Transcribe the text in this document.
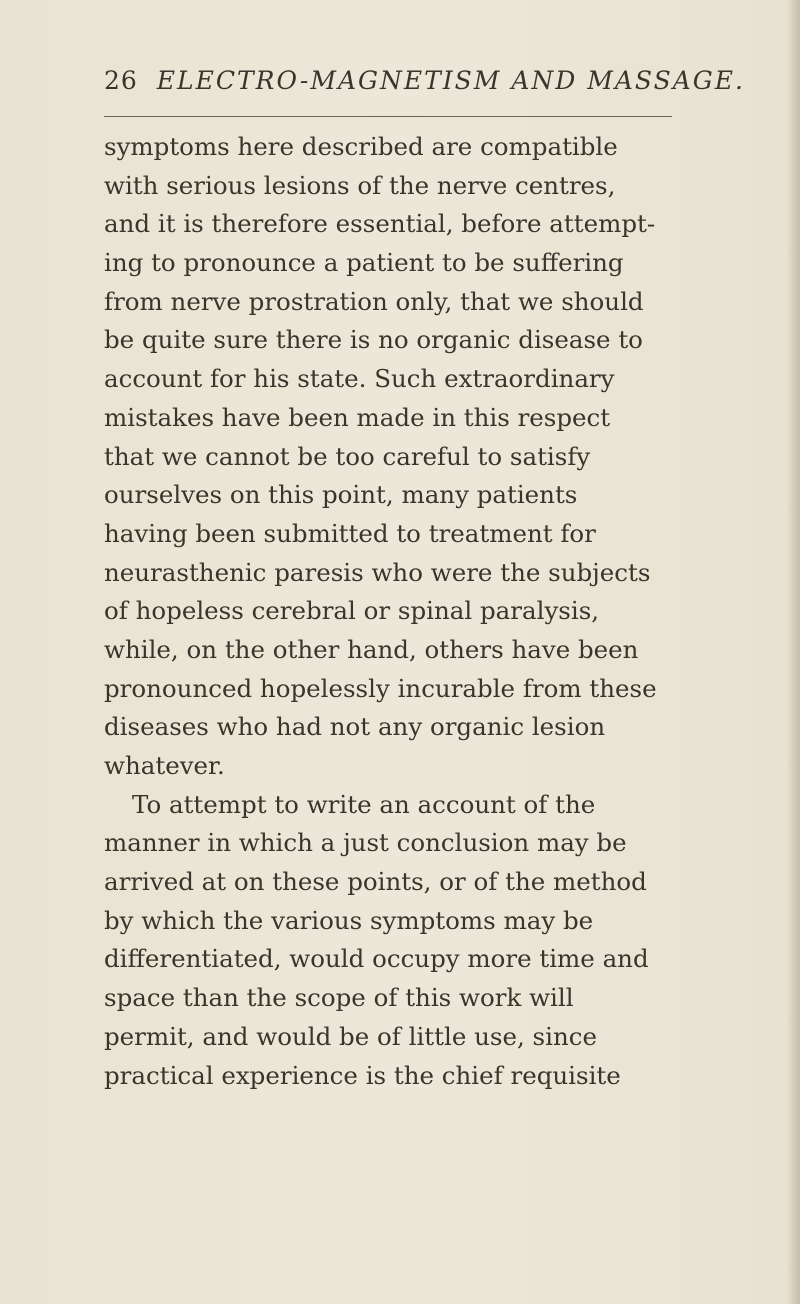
26 ELECTRO-MAGNETISM AND MASSAGE.
symptoms here described are compatible
with serious lesions of the nerve centres,
and it is therefore essential, before attempt-
ing to pronounce a patient to be suffering
from nerve prostration only, that we should
be quite sure there is no organic disease to
account for his state. Such extraordinary
mistakes have been made in this respect
that we cannot be too careful to satisfy
ourselves on this point, many patients
having been submitted to treatment for
neurasthenic paresis who were the subjects
of hopeless cerebral or spinal paralysis,
while, on the other hand, others have been
pronounced hopelessly incurable from these
diseases who had not any organic lesion
whatever.
To attempt to write an account of the
manner in which a just conclusion may be
arrived at on these points, or of the method
by which the various symptoms may be
differentiated, would occupy more time and
space than the scope of this work will
permit, and would be of little use, since
practical experience is the chief requisite
